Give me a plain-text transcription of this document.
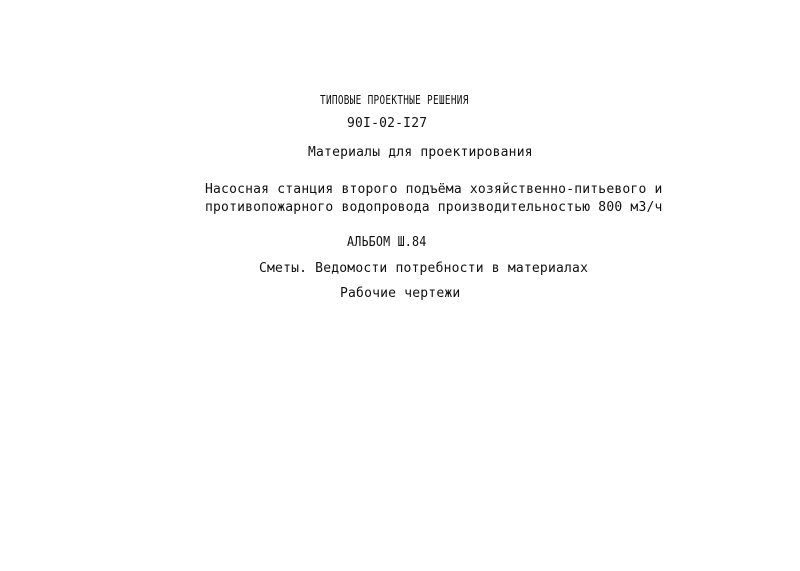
ТИПОВЫЕ ПРОЕКТНЫЕ РЕШЕНИЯ
90I-02-I27
Материалы для проектирования
Насосная станция второго подъёма хозяйственно-питьевого и
противопожарного водопровода производительностью 800 м3/ч
АЛЬБОМ Ш.84
Сметы. Ведомости потребности в материалах
Рабочие чертежи
